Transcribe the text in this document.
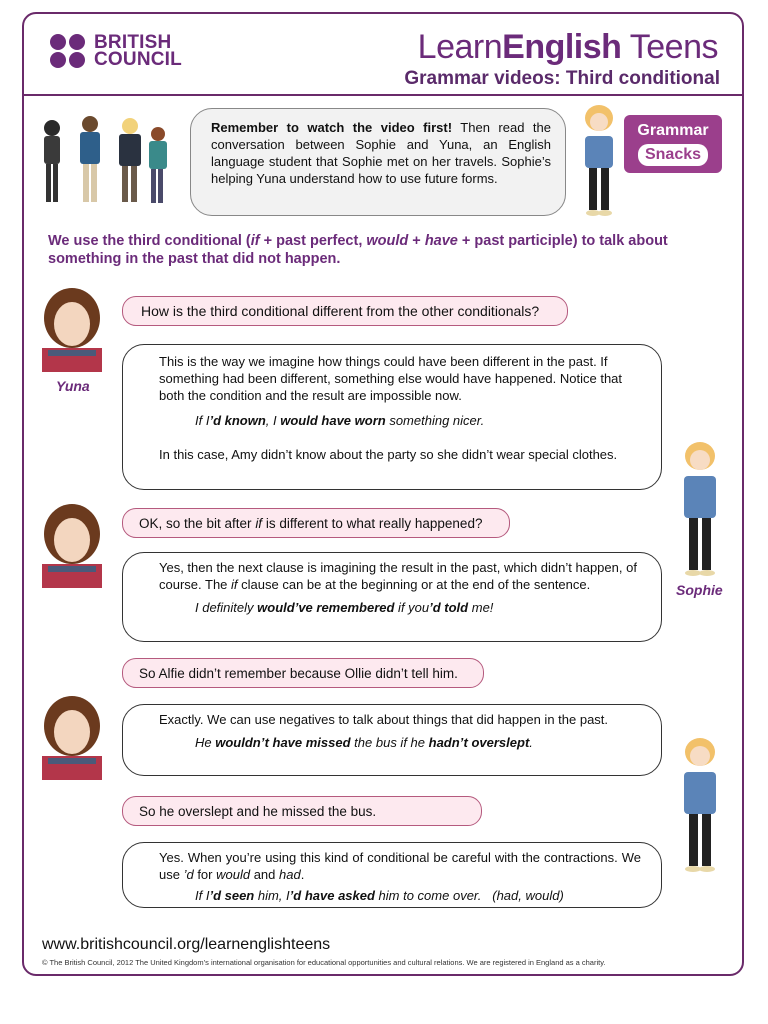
BRITISH
COUNCIL	LearnEnglish Teens
Grammar videos: Third conditional
Remember to watch the video first! Then read the conversation between Sophie and Yuna, an English language student that Sophie met on her travels. Sophie’s helping Yuna understand how to use future forms.
Grammar
Snacks
We use the third conditional (if + past perfect, would + have + past participle) to talk about something in the past that did not happen.
Yuna
Sophie
How is the third conditional different from the other conditionals?

This is the way we imagine how things could have been different in the past. If something had been different, something else would have happened. Notice that both the condition and the result are impossible now.

If I’d known, I would have worn something nicer.

In this case, Amy didn’t know about the party so she didn’t wear special clothes.

OK, so the bit after if is different to what really happened?

Yes, then the next clause is imagining the result in the past, which didn’t happen, of course. The if clause can be at the beginning or at the end of the sentence.

I definitely would’ve remembered if you’d told me!

So Alfie didn’t remember because Ollie didn’t tell him.

Exactly. We can use negatives to talk about things that did happen in the past.

He wouldn’t have missed the bus if he hadn’t overslept.

So he overslept and he missed the bus.

Yes. When you’re using this kind of conditional be careful with the contractions. We use ’d for would and had.

If I’d seen him, I’d have asked him to come over. (had, would)

www.britishcouncil.org/learnenglishteens
© The British Council, 2012 The United Kingdom’s international organisation for educational opportunities and cultural relations. We are registered in England as a charity.
